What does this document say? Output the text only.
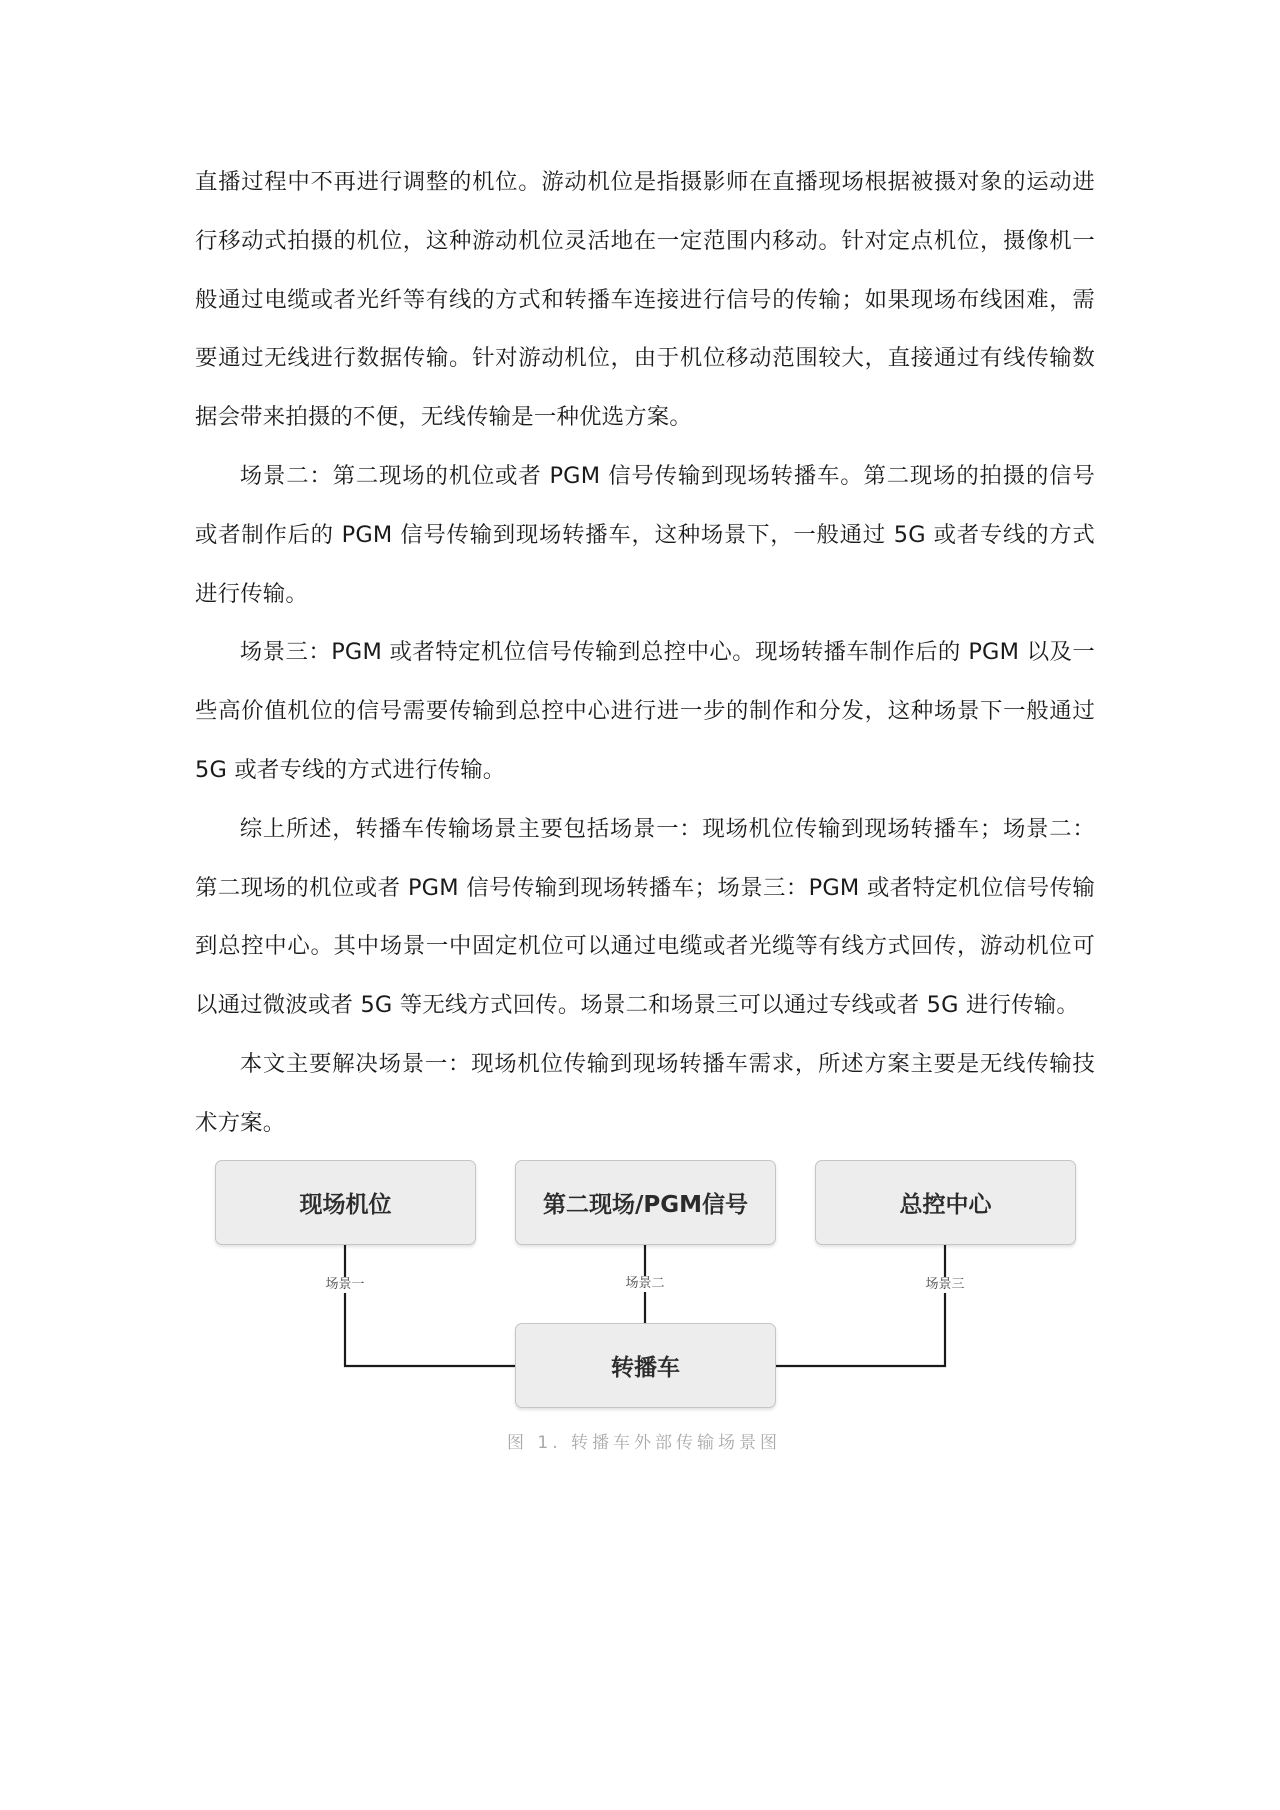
直播过程中不再进行调整的机位。游动机位是指摄影师在直播现场根据被摄对象的运动进行移动式拍摄的机位，这种游动机位灵活地在一定范围内移动。针对定点机位，摄像机一般通过电缆或者光纤等有线的方式和转播车连接进行信号的传输；如果现场布线困难，需要通过无线进行数据传输。针对游动机位，由于机位移动范围较大，直接通过有线传输数据会带来拍摄的不便，无线传输是一种优选方案。

场景二：第二现场的机位或者 PGM 信号传输到现场转播车。第二现场的拍摄的信号或者制作后的 PGM 信号传输到现场转播车，这种场景下，一般通过 5G 或者专线的方式进行传输。

场景三：PGM 或者特定机位信号传输到总控中心。现场转播车制作后的 PGM 以及一些高价值机位的信号需要传输到总控中心进行进一步的制作和分发，这种场景下一般通过 5G 或者专线的方式进行传输。

综上所述，转播车传输场景主要包括场景一：现场机位传输到现场转播车；场景二：第二现场的机位或者 PGM 信号传输到现场转播车；场景三：PGM 或者特定机位信号传输到总控中心。其中场景一中固定机位可以通过电缆或者光缆等有线方式回传，游动机位可以通过微波或者 5G 等无线方式回传。场景二和场景三可以通过专线或者 5G 进行传输。

本文主要解决场景一：现场机位传输到现场转播车需求，所述方案主要是无线传输技术方案。

现场机位	第二现场/PGM信号	总控中心
转播车
场景一	场景二	场景三
图 1. 转播车外部传输场景图
